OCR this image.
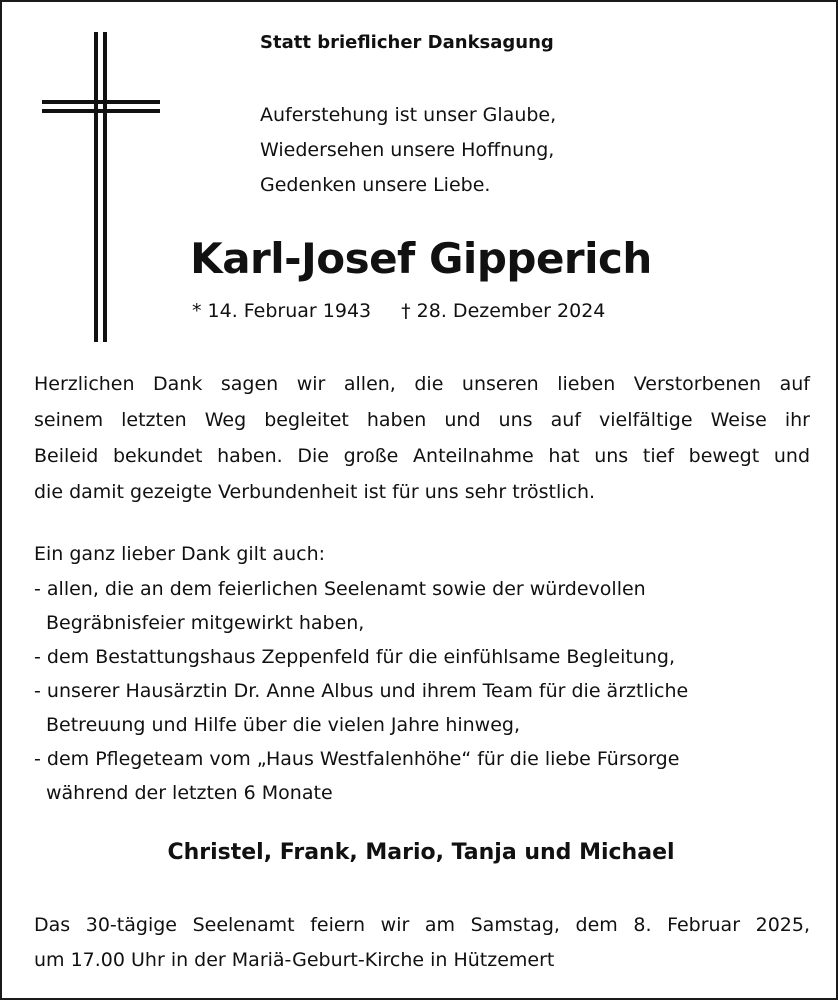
Statt brieflicher Danksagung
Auferstehung ist unser Glaube,
Wiedersehen unsere Hoffnung,
Gedenken unsere Liebe.
Karl-Josef Gipperich
* 14. Februar 1943 † 28. Dezember 2024
Herzlichen Dank sagen wir allen, die unseren lieben Verstorbenen auf
seinem letzten Weg begleitet haben und uns auf vielfältige Weise ihr
Beileid bekundet haben. Die große Anteilnahme hat uns tief bewegt und
die damit gezeigte Verbundenheit ist für uns sehr tröstlich.
Ein ganz lieber Dank gilt auch:
- allen, die an dem feierlichen Seelenamt sowie der würdevollen
Begräbnisfeier mitgewirkt haben,
- dem Bestattungshaus Zeppenfeld für die einfühlsame Begleitung,
- unserer Hausärztin Dr. Anne Albus und ihrem Team für die ärztliche
Betreuung und Hilfe über die vielen Jahre hinweg,
- dem Pflegeteam vom „Haus Westfalenhöhe“ für die liebe Fürsorge
während der letzten 6 Monate
Christel, Frank, Mario, Tanja und Michael
Das 30-tägige Seelenamt feiern wir am Samstag, dem 8. Februar 2025,
um 17.00 Uhr in der Mariä-Geburt-Kirche in Hützemert
